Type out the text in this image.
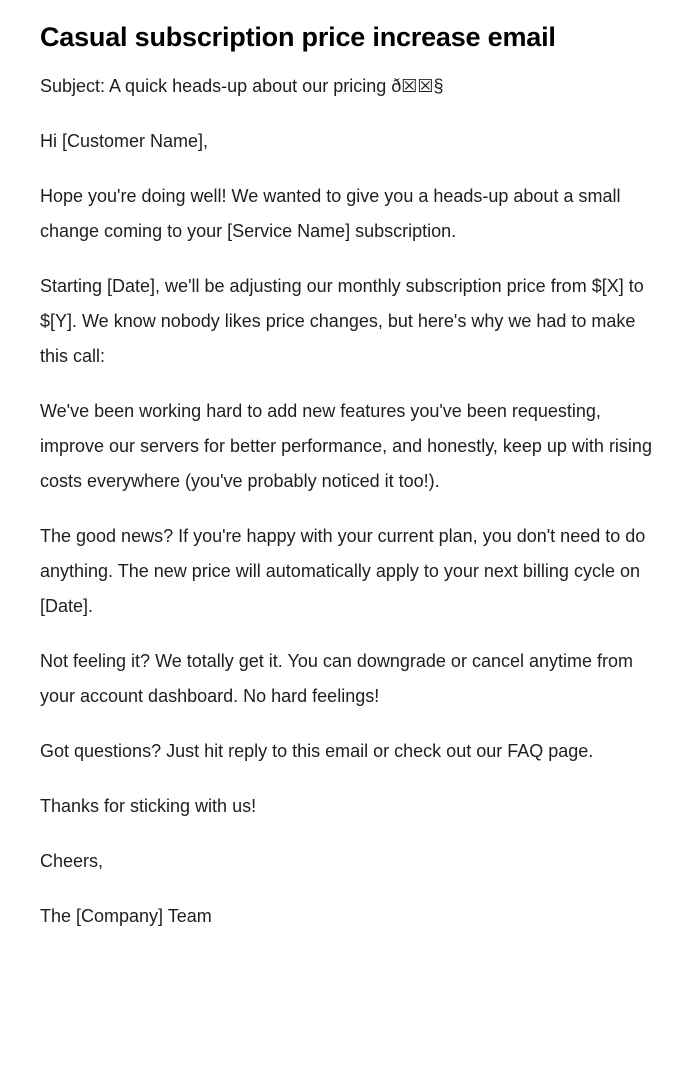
Casual subscription price increase email

Subject: A quick heads-up about our pricing ð☒☒§

Hi [Customer Name],

Hope you're doing well! We wanted to give you a heads-up about a small change coming to your [Service Name] subscription.

Starting [Date], we'll be adjusting our monthly subscription price from $[X] to $[Y]. We know nobody likes price changes, but here's why we had to make this call:

We've been working hard to add new features you've been requesting, improve our servers for better performance, and honestly, keep up with rising costs everywhere (you've probably noticed it too!).

The good news? If you're happy with your current plan, you don't need to do anything. The new price will automatically apply to your next billing cycle on [Date].

Not feeling it? We totally get it. You can downgrade or cancel anytime from your account dashboard. No hard feelings!

Got questions? Just hit reply to this email or check out our FAQ page.

Thanks for sticking with us!

Cheers,

The [Company] Team
